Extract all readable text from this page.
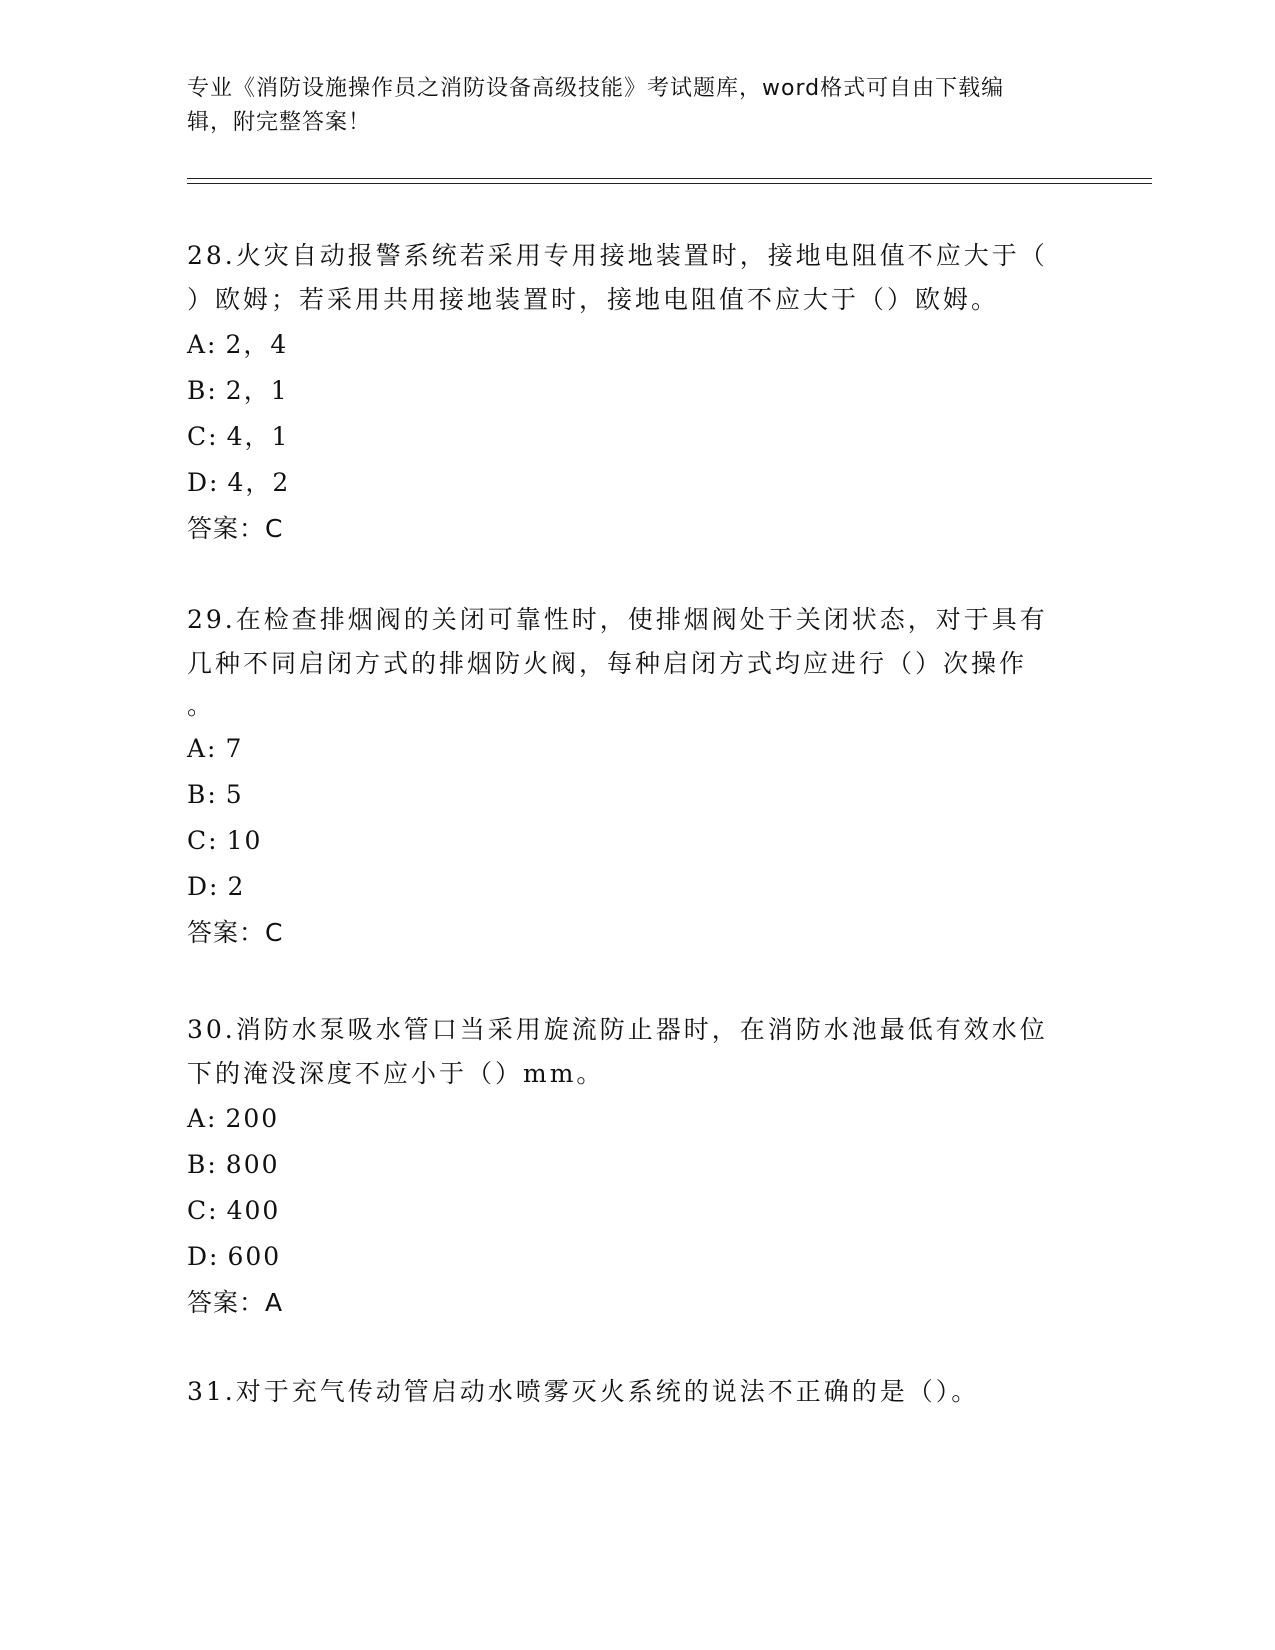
专业《消防设施操作员之消防设备高级技能》考试题库，word格式可自由下载编
辑，附完整答案！

28.火灾自动报警系统若采用专用接地装置时，接地电阻值不应大于（
）欧姆；若采用共用接地装置时，接地电阻值不应大于（）欧姆。

A: 2，4
B: 2，1
C: 4，1
D: 4，2
答案：C

29.在检查排烟阀的关闭可靠性时，使排烟阀处于关闭状态，对于具有
几种不同启闭方式的排烟防火阀，每种启闭方式均应进行（）次操作

。
A: 7
B: 5
C: 10
D: 2
答案：C

30.消防水泵吸水管口当采用旋流防止器时，在消防水池最低有效水位
下的淹没深度不应小于（）mm。

A: 200
B: 800
C: 400
D: 600
答案：A

31.对于充气传动管启动水喷雾灭火系统的说法不正确的是（）。
